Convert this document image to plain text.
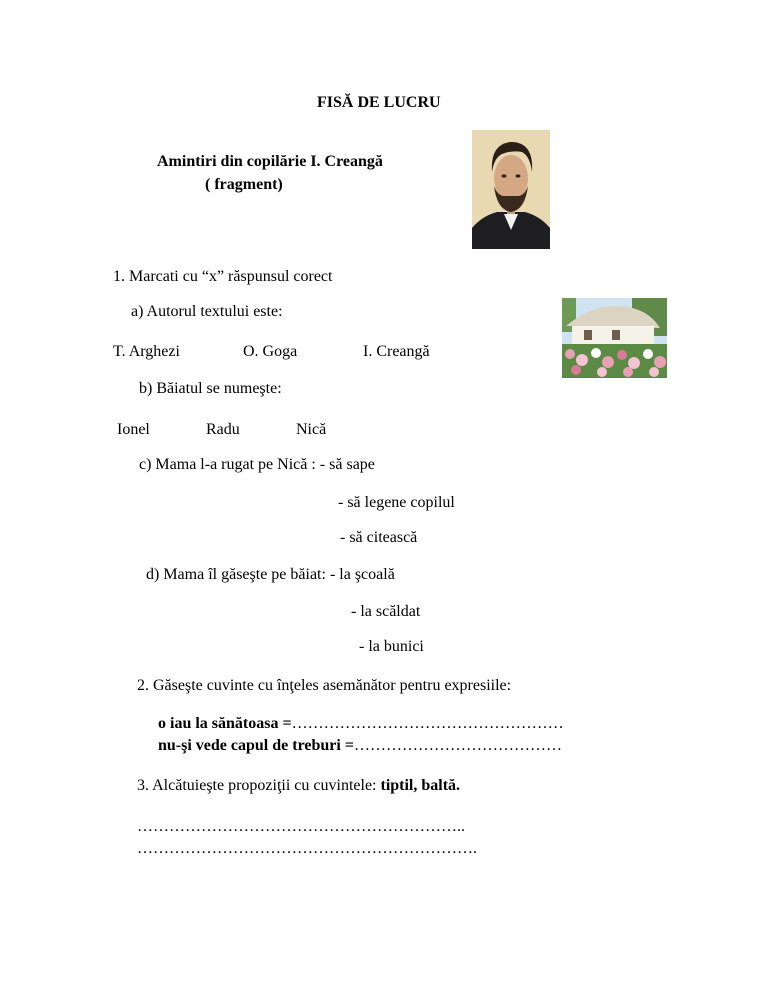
FISĂ DE LUCRU
Amintiri din copilărie I. Creangă
( fragment)
1. Marcati cu “x” răspunsul corect
a) Autorul textului este:
T. Arghezi	O. Goga	I. Creangă
b) Băiatul se numeşte:
Ionel	Radu	Nică
c) Mama l-a rugat pe Nică : - să sape
- să legene copilul
- să citească
d) Mama îl găseşte pe băiat: - la şcoală
- la scăldat
- la bunici
2. Găseşte cuvinte cu înţeles asemănător pentru expresiile:
o iau la sănătoasa =……………………………………………
nu-şi vede capul de treburi =…………………………………
3. Alcătuieşte propoziţii cu cuvintele: tiptil, baltă.
……………………………………………………..
……………………………………………………….
